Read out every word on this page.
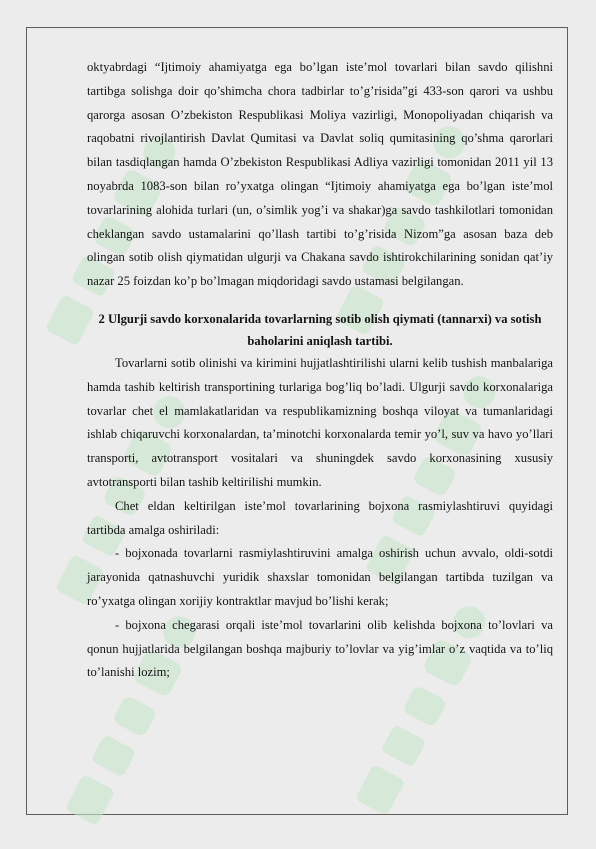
oktyabrdagi “Ijtimoiy ahamiyatga ega bo’lgan iste’mol tovarlari bilan savdo qilishni tartibga solishga doir qo’shimcha chora tadbirlar to’g’risida”gi 433-son qarori va ushbu qarorga asosan O’zbekiston Respublikasi Moliya vazirligi, Monopoliyadan chiqarish va raqobatni rivojlantirish Davlat Qumitasi va Davlat soliq qumitasining qo’shma qarorlari bilan tasdiqlangan hamda O’zbekiston Respublikasi Adliya vazirligi tomonidan 2011 yil 13 noyabrda 1083-son bilan ro’yxatga olingan “Ijtimoiy ahamiyatga ega bo’lgan iste’mol tovarlarining alohida turlari (un, o’simlik yog’i va shakar)ga savdo tashkilotlari tomonidan cheklangan savdo ustamalarini qo’llash tartibi to’g’risida Nizom”ga asosan baza deb olingan sotib olish qiymatidan ulgurji va Chakana savdo ishtirokchilarining sonidan qat’iy nazar 25 foizdan ko’p bo’lmagan miqdoridagi savdo ustamasi belgilangan.

2 Ulgurji savdo korxonalarida tovarlarning sotib olish qiymati (tannarxi) va sotish baholarini aniqlash tartibi.

Tovarlarni sotib olinishi va kirimini hujjatlashtirilishi ularni kelib tushish manbalariga hamda tashib keltirish transportining turlariga bog’liq bo’ladi. Ulgurji savdo korxonalariga tovarlar chet el mamlakatlaridan va respublikamizning boshqa viloyat va tumanlaridagi ishlab chiqaruvchi korxonalardan, ta’minotchi korxonalarda temir yo’l, suv va havo yo’llari transporti, avtotransport vositalari va shuningdek savdo korxonasining xususiy avtotransporti bilan tashib keltirilishi mumkin.

Chet eldan keltirilgan iste’mol tovarlarining bojxona rasmiylashtiruvi quyidagi tartibda amalga oshiriladi:

- bojxonada tovarlarni rasmiylashtiruvini amalga oshirish uchun avvalo, oldi-sotdi jarayonida qatnashuvchi yuridik shaxslar tomonidan belgilangan tartibda tuzilgan va ro’yxatga olingan xorijiy kontraktlar mavjud bo’lishi kerak;

- bojxona chegarasi orqali iste’mol tovarlarini olib kelishda bojxona to’lovlari va qonun hujjatlarida belgilangan boshqa majburiy to’lovlar va yig’imlar o’z vaqtida va to’liq to’lanishi lozim;
